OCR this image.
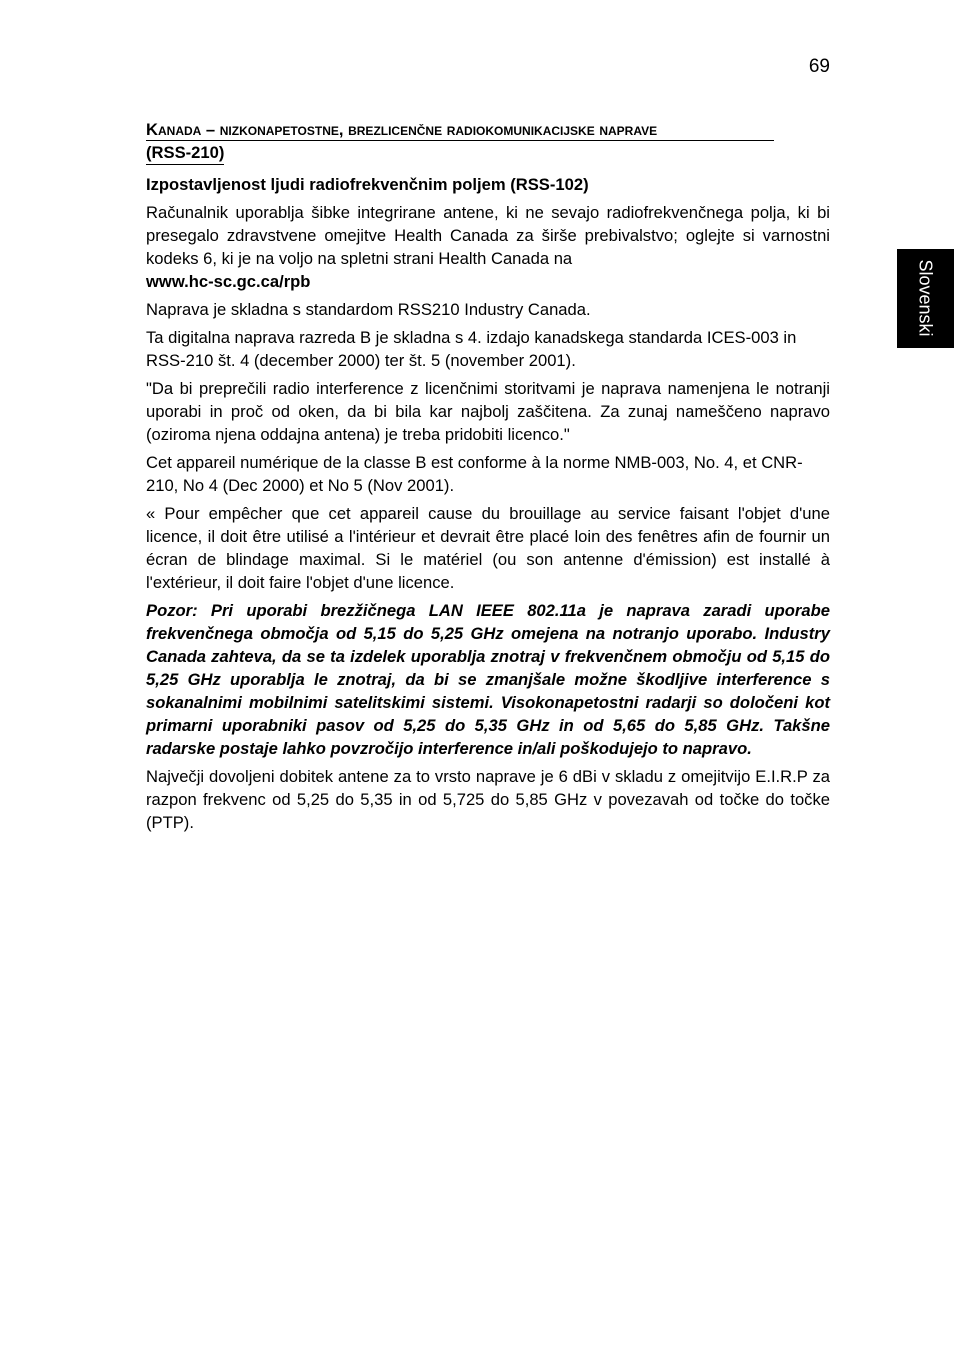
69
Slovenski
Kanada – nizkonapetostne, brezlicenčne radiokomunikacijske naprave
(RSS-210)

Izpostavljenost ljudi radiofrekvenčnim poljem (RSS-102)

Računalnik uporablja šibke integrirane antene, ki ne sevajo radiofrekvenčnega polja, ki bi presegalo zdravstvene omejitve Health Canada za širše prebivalstvo; oglejte si varnostni kodeks 6, ki je na voljo na spletni strani Health Canada na
www.hc-sc.gc.ca/rpb

Naprava je skladna s standardom RSS210 Industry Canada.

Ta digitalna naprava razreda B je skladna s 4. izdajo kanadskega standarda ICES-003 in RSS-210 št. 4 (december 2000) ter št. 5 (november 2001).

"Da bi preprečili radio interference z licenčnimi storitvami je naprava namenjena le notranji uporabi in proč od oken, da bi bila kar najbolj zaščitena. Za zunaj nameščeno napravo (oziroma njena oddajna antena) je treba pridobiti licenco."

Cet appareil numérique de la classe B est conforme à la norme NMB-003, No. 4, et CNR-210, No 4 (Dec 2000) et No 5 (Nov 2001).

« Pour empêcher que cet appareil cause du brouillage au service faisant l'objet d'une licence, il doit être utilisé a l'intérieur et devrait être placé loin des fenêtres afin de fournir un écran de blindage maximal. Si le matériel (ou son antenne d'émission) est installé à l'extérieur, il doit faire l'objet d'une licence.

Pozor: Pri uporabi brezžičnega LAN IEEE 802.11a je naprava zaradi uporabe frekvenčnega območja od 5,15 do 5,25 GHz omejena na notranjo uporabo. Industry Canada zahteva, da se ta izdelek uporablja znotraj v frekvenčnem območju od 5,15 do 5,25 GHz uporablja le znotraj, da bi se zmanjšale možne škodljive interference s sokanalnimi mobilnimi satelitskimi sistemi. Visokonapetostni radarji so določeni kot primarni uporabniki pasov od 5,25 do 5,35 GHz in od 5,65 do 5,85 GHz. Takšne radarske postaje lahko povzročijo interference in/ali poškodujejo to napravo.

Največji dovoljeni dobitek antene za to vrsto naprave je 6 dBi v skladu z omejitvijo E.I.R.P za razpon frekvenc od 5,25 do 5,35 in od 5,725 do 5,85 GHz v povezavah od točke do točke (PTP).
